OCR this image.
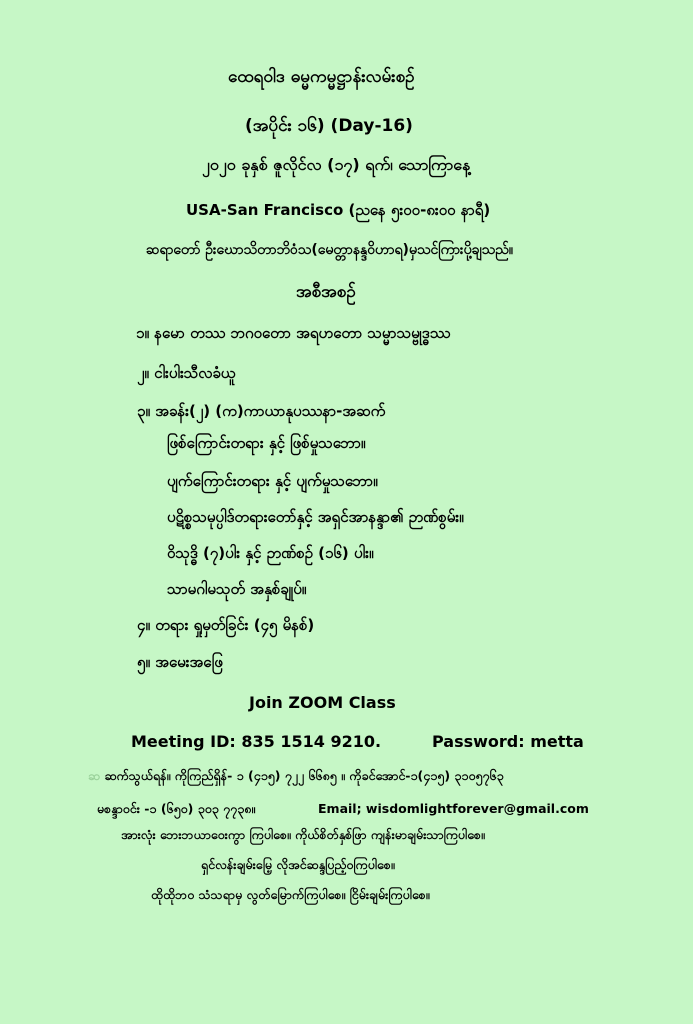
ထေရဝါဒ ဓမ္မကမ္မဋ္ဌာန်းလမ်းစဥ်
(အပိုင်း ၁၆) (Day-16)
၂၀၂၀ ခုနှစ် ဇူလိုင်လ (၁၇) ရက်၊ သောကြာနေ့
USA-San Francisco (ညနေ ၅း၀၀-၈း၀၀ နာရီ)
ဆရာတော် ဦးဃောသိတာဘိဝံသ(မေတ္တာနန္ဒဝိဟာရ)မှသင်ကြားပို့ချသည်။
အစီအစဥ်
၁။ နမော တဿ ဘဂဝတော အရဟတော သမ္မာသမ္ဗုဒ္ဓဿ
၂။ ငါးပါးသီလခံယူ
၃။ အခန်း(၂) (က)ကာယာနုပဿနာ-အဆက်
ဖြစ်ကြောင်းတရား နှင့် ဖြစ်မှုသဘော။
ပျက်ကြောင်းတရား နှင့် ပျက်မှုသဘော။
ပဋိစ္စသမုပ္ပါဒ်တရားတော်နှင့် အရှင်အာနန္ဒာ၏ ဉာဏ်စွမ်း။
ဝိသုဒ္ဓိ (၇)ပါး နှင့် ဉာဏ်စဥ် (၁၆) ပါး။
သာမဂါမသုတ် အနှစ်ချုပ်။
၄။ တရား ရှုမှတ်ခြင်း (၄၅ မိနစ်)
၅။ အမေးအဖြေ
Join ZOOM Class
Meeting ID: 835 1514 9210.	Password: metta
ဆ ဆက်သွယ်ရန်။ ကိုကြည်ရှိန်- ၁ (၄၁၅) ၇၂၂ ၆၆၈၅ ။ ကိုခင်အောင်-၁(၄၁၅) ၃၁၀၅၇၆၃
မစန္ဒာဝင်း -၁ (၆၅၀) ၃၀၃ ၇၇၃၈။	Email; wisdomlightforever@gmail.com
အားလုံး ဘေးဘယာဝေးကွာ ကြပါစေ။ ကိုယ်စိတ်နှစ်ဖြာ ကျန်းမာချမ်းသာကြပါစေ။
ရှင်လန်းချမ်းမြေ့ လိုအင်ဆန္ဒပြည့်ဝကြပါစေ။
ထိုထိုဘဝ သံသရာမှ လွတ်မြောက်ကြပါစေ။ ငြိမ်းချမ်းကြပါစေ။
